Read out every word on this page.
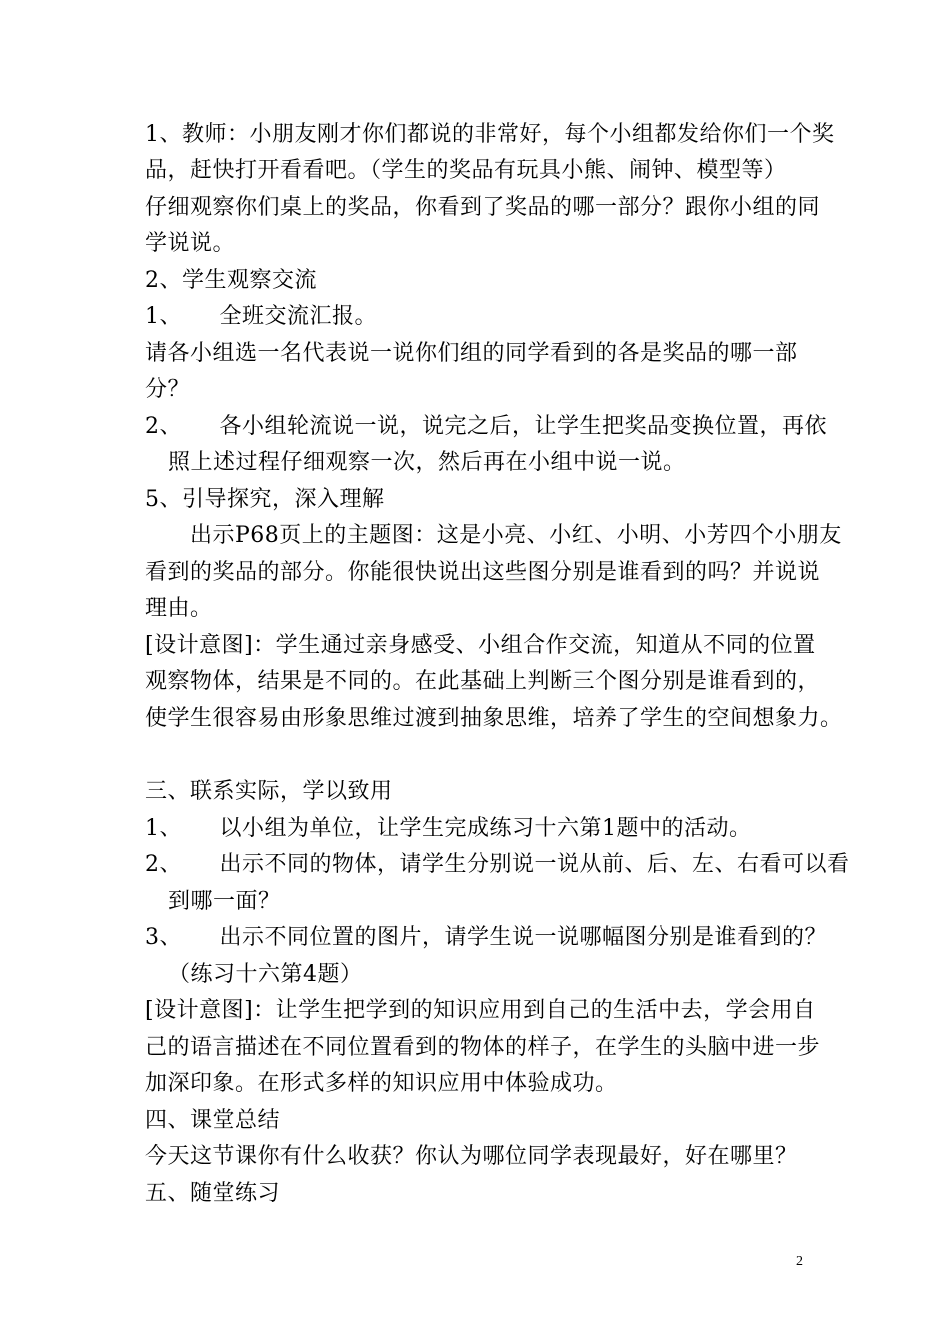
1、教师：小朋友刚才你们都说的非常好，每个小组都发给你们一个奖
品，赶快打开看看吧。（学生的奖品有玩具小熊、闹钟、模型等）
仔细观察你们桌上的奖品，你看到了奖品的哪一部分？跟你小组的同
学说说。
2、学生观察交流
1、     全班交流汇报。
请各小组选一名代表说一说你们组的同学看到的各是奖品的哪一部
分？
2、     各小组轮流说一说，说完之后，让学生把奖品变换位置，再依
照上述过程仔细观察一次，然后再在小组中说一说。
5、引导探究，深入理解
出示P68页上的主题图：这是小亮、小红、小明、小芳四个小朋友
看到的奖品的部分。你能很快说出这些图分别是谁看到的吗？并说说
理由。
[设计意图]：学生通过亲身感受、小组合作交流，知道从不同的位置
观察物体，结果是不同的。在此基础上判断三个图分别是谁看到的，
使学生很容易由形象思维过渡到抽象思维，培养了学生的空间想象力。
三、联系实际，学以致用
1、     以小组为单位，让学生完成练习十六第1题中的活动。
2、     出示不同的物体，请学生分别说一说从前、后、左、右看可以看
到哪一面？
3、     出示不同位置的图片，请学生说一说哪幅图分别是谁看到的？
（练习十六第4题）
[设计意图]：让学生把学到的知识应用到自己的生活中去，学会用自
己的语言描述在不同位置看到的物体的样子，在学生的头脑中进一步
加深印象。在形式多样的知识应用中体验成功。
四、课堂总结
今天这节课你有什么收获？你认为哪位同学表现最好，好在哪里？
五、随堂练习
2
